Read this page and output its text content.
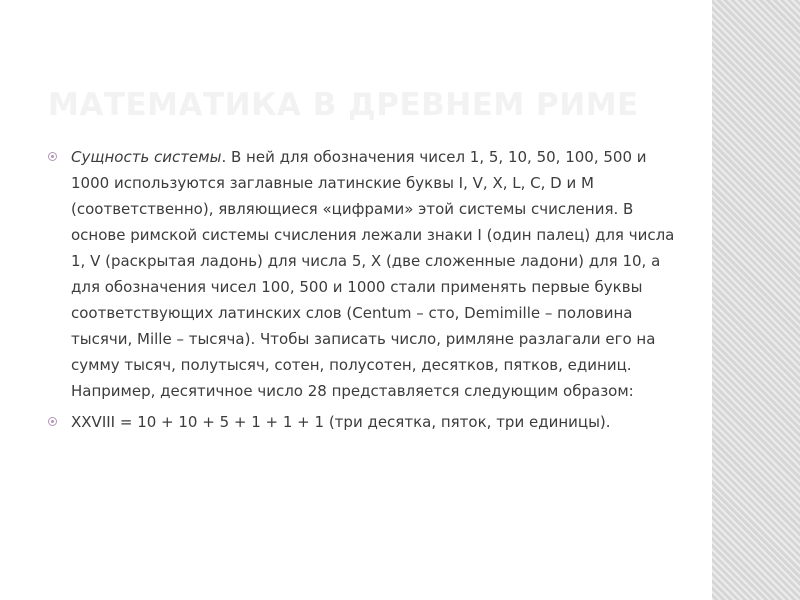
МАТЕМАТИКА В ДРЕВНЕМ РИМЕ
Сущность системы. В ней для обозначения чисел 1, 5, 10, 50, 100, 500 и 1000 используются заглавные латинские буквы I, V, X, L, C, D и M (соответственно), являющиеся «цифрами» этой системы счисления. В основе римской системы счисления лежали знаки I (один палец) для числа 1, V (раскрытая ладонь) для числа 5, X (две сложенные ладони) для 10, а для обозначения чисел 100, 500 и 1000 стали применять первые буквы соответствующих латинских слов (Centum – сто, Demimille – половина тысячи, Mille – тысяча). Чтобы записать число, римляне разлагали его на сумму тысяч, полутысяч, сотен, полусотен, десятков, пятков, единиц. Например, десятичное число 28 представляется следующим образом:
XXVIII = 10 + 10 + 5 + 1 + 1 + 1 (три десятка, пяток, три единицы).
